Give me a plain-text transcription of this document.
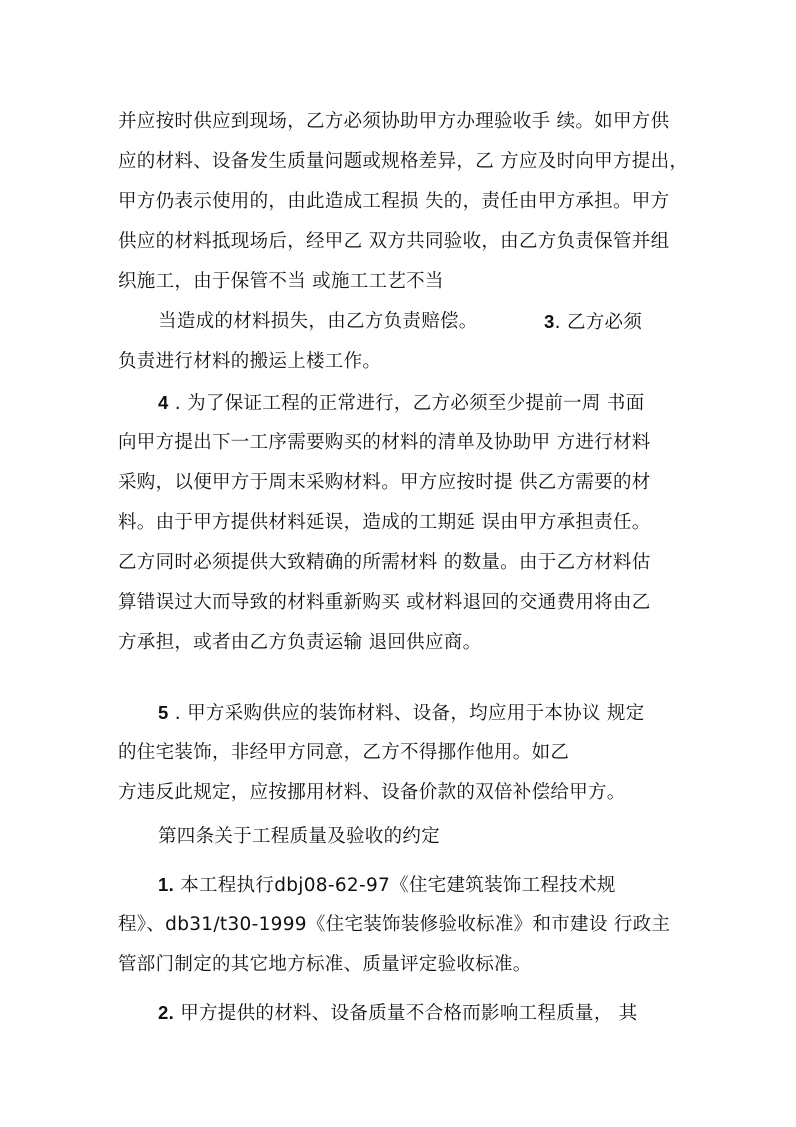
并应按时供应到现场，乙方必须协助甲方办理验收手 续。如甲方供
应的材料、设备发生质量问题或规格差异，乙 方应及时向甲方提出，
甲方仍表示使用的，由此造成工程损 失的，责任由甲方承担。甲方
供应的材料抵现场后，经甲乙 双方共同验收，由乙方负责保管并组
织施工，由于保管不当 或施工工艺不当
当造成的材料损失，由乙方负责赔偿。	3. 乙方必须
负责进行材料的搬运上楼工作。
4 . 为了保证工程的正常进行，乙方必须至少提前一周 书面
向甲方提出下一工序需要购买的材料的清单及协助甲 方进行材料
采购，以便甲方于周末采购材料。甲方应按时提 供乙方需要的材
料。由于甲方提供材料延误，造成的工期延 误由甲方承担责任。
乙方同时必须提供大致精确的所需材料 的数量。由于乙方材料估
算错误过大而导致的材料重新购买 或材料退回的交通费用将由乙
方承担，或者由乙方负责运输 退回供应商。
5 . 甲方采购供应的装饰材料、设备，均应用于本协议 规定
的住宅装饰，非经甲方同意，乙方不得挪作他用。如乙
方违反此规定，应按挪用材料、设备价款的双倍补偿给甲方。
第四条关于工程质量及验收的约定
1. 本工程执行dbj08-62-97《住宅建筑装饰工程技术规
程》、db31/t30-1999《住宅装饰装修验收标准》和市建设 行政主
管部门制定的其它地方标准、质量评定验收标准。
2. 甲方提供的材料、设备质量不合格而影响工程质量， 其
